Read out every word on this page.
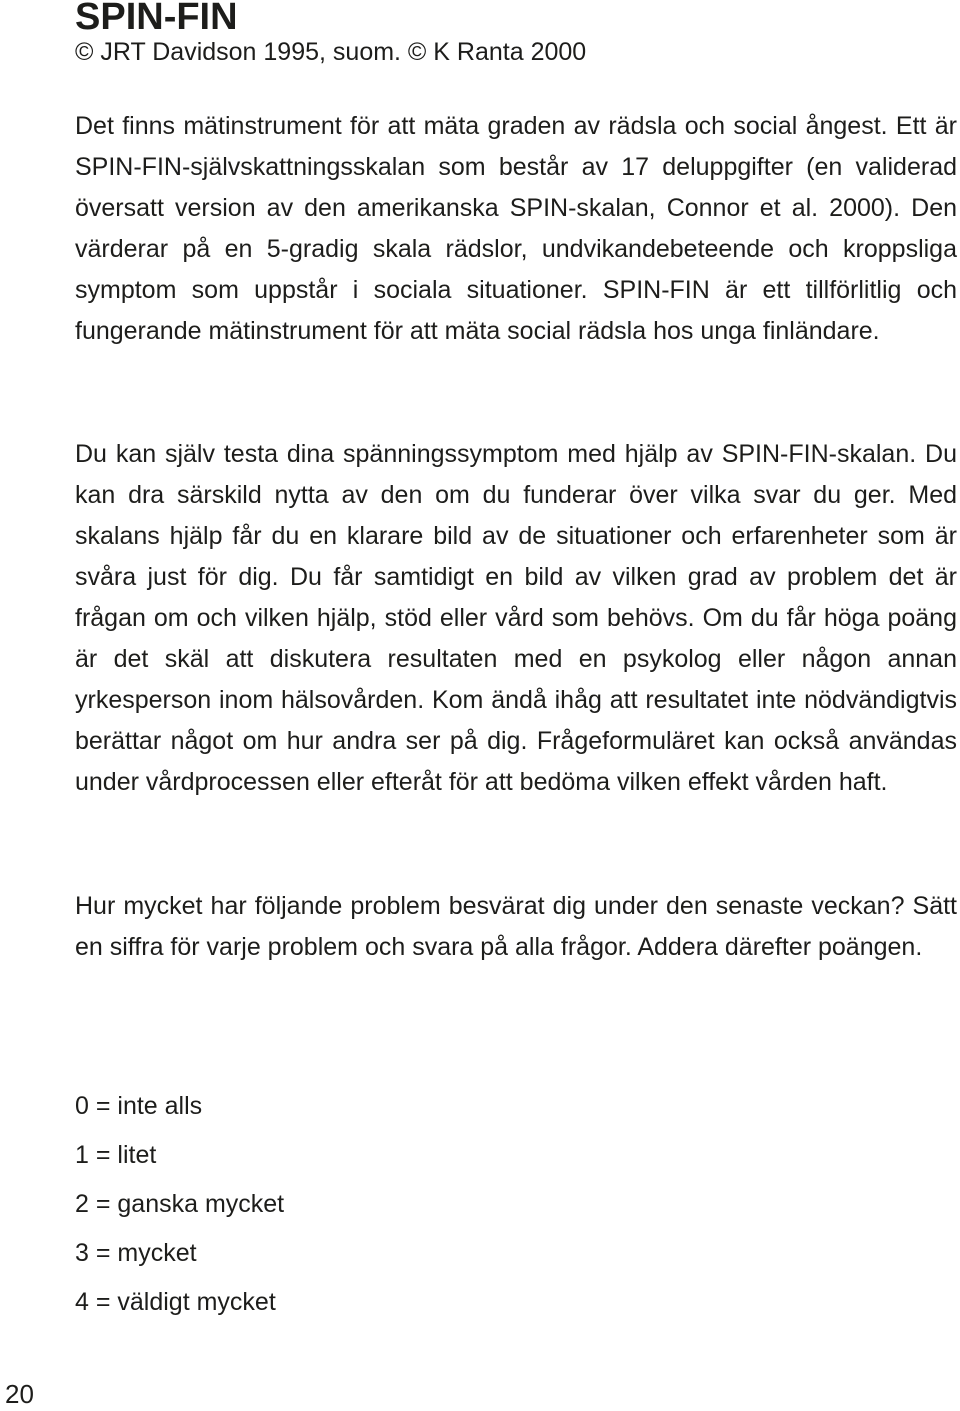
SPIN-FIN
© JRT Davidson 1995, suom. © K Ranta 2000

Det finns mätinstrument för att mäta graden av rädsla och social ångest. Ett är SPIN-FIN-självskattningsskalan som består av 17 deluppgifter (en validerad översatt version av den amerikanska SPIN-skalan, Connor et al. 2000). Den värderar på en 5-gradig skala rädslor, undvikandebeteende och kroppsliga symptom som uppstår i sociala situationer. SPIN-FIN är ett tillförlitlig och fungerande mätinstrument för att mäta social rädsla hos unga finländare.

Du kan själv testa dina spänningssymptom med hjälp av SPIN-FIN-skalan. Du kan dra särskild nytta av den om du funderar över vilka svar du ger. Med skalans hjälp får du en klarare bild av de situationer och erfarenheter som är svåra just för dig. Du får samtidigt en bild av vilken grad av problem det är frågan om och vilken hjälp, stöd eller vård som behövs. Om du får höga poäng är det skäl att diskutera resultaten med en psykolog eller någon annan yrkesperson inom hälsovården. Kom ändå ihåg att resultatet inte nödvändigtvis berättar något om hur andra ser på dig. Frågeformuläret kan också användas under vårdprocessen eller efteråt för att bedöma vilken effekt vården haft.

Hur mycket har följande problem besvärat dig under den senaste veckan? Sätt en siffra för varje problem och svara på alla frågor. Addera därefter poängen.

0 = inte alls
1 = litet
2 = ganska mycket
3 = mycket
4 = väldigt mycket
20
